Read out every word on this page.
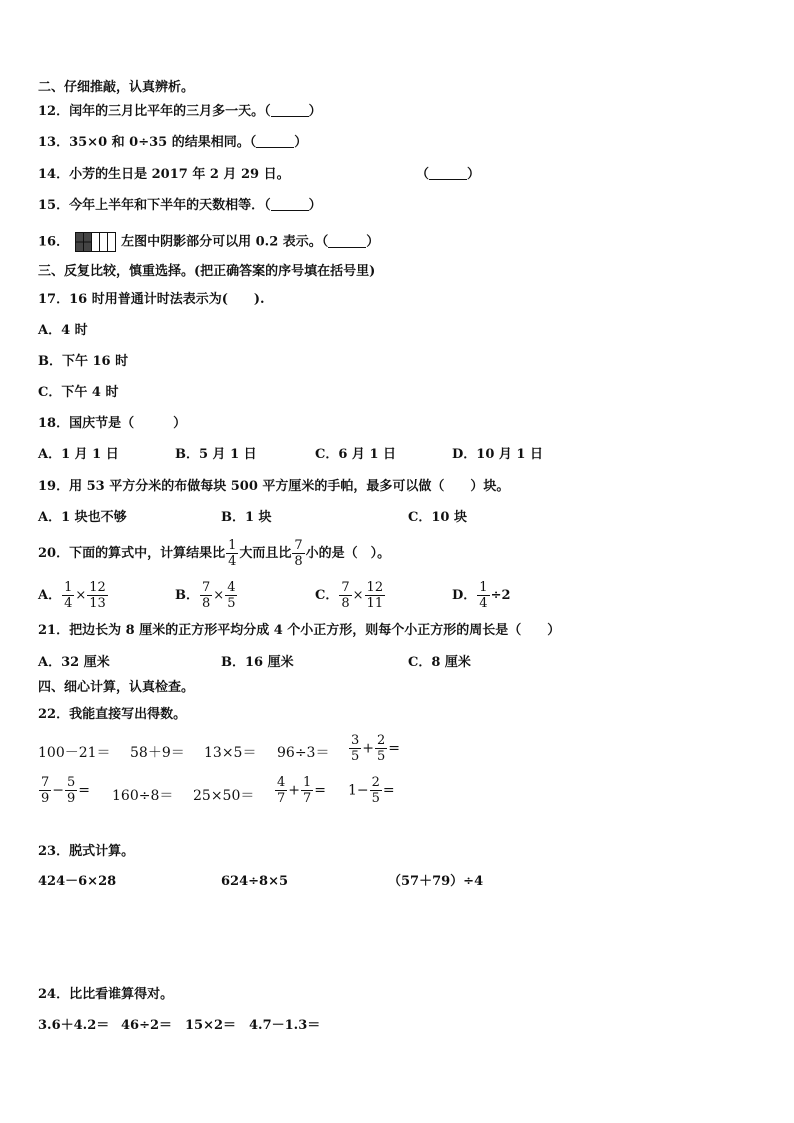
二、仔细推敲，认真辨析。
12．闰年的三月比平年的三月多一天。（	）
13．35×0 和 0÷35 的结果相同。（	）
14．小芳的生日是 2017 年 2 月 29 日。	（	）
15．今年上半年和下半年的天数相等．（	）
16．	左图中阴影部分可以用 0.2 表示。（	）
三、反复比较，慎重选择。(把正确答案的序号填在括号里)
17．16 时用普通计时法表示为(　　).
A．4 时
B．下午 16 时
C．下午 4 时
18．国庆节是（　　　）
A．1 月 1 日	B．5 月 1 日	C．6 月 1 日	D．10 月 1 日
19．用 53 平方分米的布做每块 500 平方厘米的手帕，最多可以做（　　）块。
A．1 块也不够	B．1 块	C．10 块
20．下面的算式中，计算结果比 $\frac{1}{4}$ 大而且比 $\frac{7}{8}$ 小的是（　）。
A． $\frac{1}{4} \times \frac{12}{13}$	B． $\frac{7}{8} \times \frac{4}{5}$	C． $\frac{7}{8} \times \frac{12}{11}$	D． $\frac{1}{4} \div 2$
21．把边长为 8 厘米的正方形平均分成 4 个小正方形，则每个小正方形的周长是（　　）
A．32 厘米	B．16 厘米	C．8 厘米
四、细心计算，认真检查。
22．我能直接写出得数。
$100-21= 58+9= 13\times 5= 96\div 3= \frac{3}{5} + \frac{2}{5}$ =
$\frac{7}{9} - \frac{5}{9} = 160\div 8= 25\times 50= \frac{4}{7} + \frac{1}{7} = 1- \frac{2}{5}$ =
23．脱式计算。
424－6×28	624÷8×5	（57＋79）÷4
24．比比看谁算得对。
3.6＋4.2＝ 46÷2＝ 15×2＝ 4.7－1.3＝
